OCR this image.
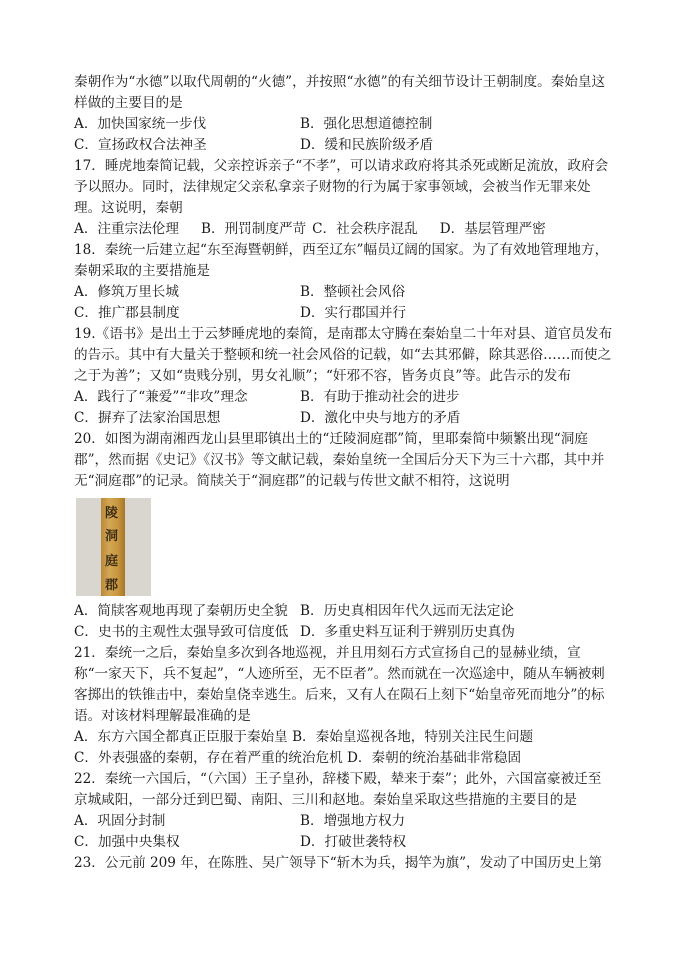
秦朝作为“水德”以取代周朝的“火德”，并按照“水德”的有关细节设计王朝制度。秦始皇这样做的主要目的是

A．加快国家统一步伐	B．强化思想道德控制
C．宣扬政权合法神圣	D．缓和民族阶级矛盾

17．睡虎地秦简记载，父亲控诉亲子“不孝”，可以请求政府将其杀死或断足流放，政府会予以照办。同时，法律规定父亲私拿亲子财物的行为属于家事领域，会被当作无罪来处理。这说明，秦朝

A．注重宗法伦理 B．刑罚制度严苛 C．社会秩序混乱 D．基层管理严密

18．秦统一后建立起“东至海暨朝鲜，西至辽东”幅员辽阔的国家。为了有效地管理地方，秦朝采取的主要措施是

A．修筑万里长城	B．整顿社会风俗
C．推广郡县制度	D．实行郡国并行

19.《语书》是出土于云梦睡虎地的秦简，是南郡太守腾在秦始皇二十年对县、道官员发布的告示。其中有大量关于整顿和统一社会风俗的记载，如“去其邪僻，除其恶俗……而使之之于为善”；又如“贵贱分别，男女礼顺”；“奸邪不容，皆务贞良”等。此告示的发布

A．践行了“兼爱”“非攻”理念	B．有助于推动社会的进步
C．摒弃了法家治国思想	D．激化中央与地方的矛盾

20．如图为湖南湘西龙山县里耶镇出土的“迁陵洞庭郡”简，里耶秦简中频繁出现“洞庭郡”，然而据《史记》《汉书》等文献记载，秦始皇统一全国后分天下为三十六郡，其中并无“洞庭郡”的记录。简牍关于“洞庭郡”的记载与传世文献不相符，这说明

陵
洞
庭
郡
A．简牍客观地再现了秦朝历史全貌 B．历史真相因年代久远而无法定论
C．史书的主观性太强导致可信度低 D．多重史料互证利于辨别历史真伪

21．秦统一之后，秦始皇多次到各地巡视，并且用刻石方式宣扬自己的显赫业绩，宣称“一家天下，兵不复起”，“人迹所至，无不臣者”。然而就在一次巡途中，随从车辆被刺客掷出的铁锥击中，秦始皇侥幸逃生。后来，又有人在陨石上刻下“始皇帝死而地分”的标语。对该材料理解最准确的是

A．东方六国全都真正臣服于秦始皇 B．秦始皇巡视各地，特别关注民生问题

C．外表强盛的秦朝，存在着严重的统治危机 D．秦朝的统治基础非常稳固

22．秦统一六国后，“（六国）王子皇孙，辞楼下殿，辇来于秦”；此外，六国富豪被迁至京城咸阳，一部分迁到巴蜀、南阳、三川和赵地。秦始皇采取这些措施的主要目的是

A．巩固分封制	B．增强地方权力
C．加强中央集权	D．打破世袭特权

23．公元前 209 年，在陈胜、吴广领导下“斩木为兵，揭竿为旗”，发动了中国历史上第
